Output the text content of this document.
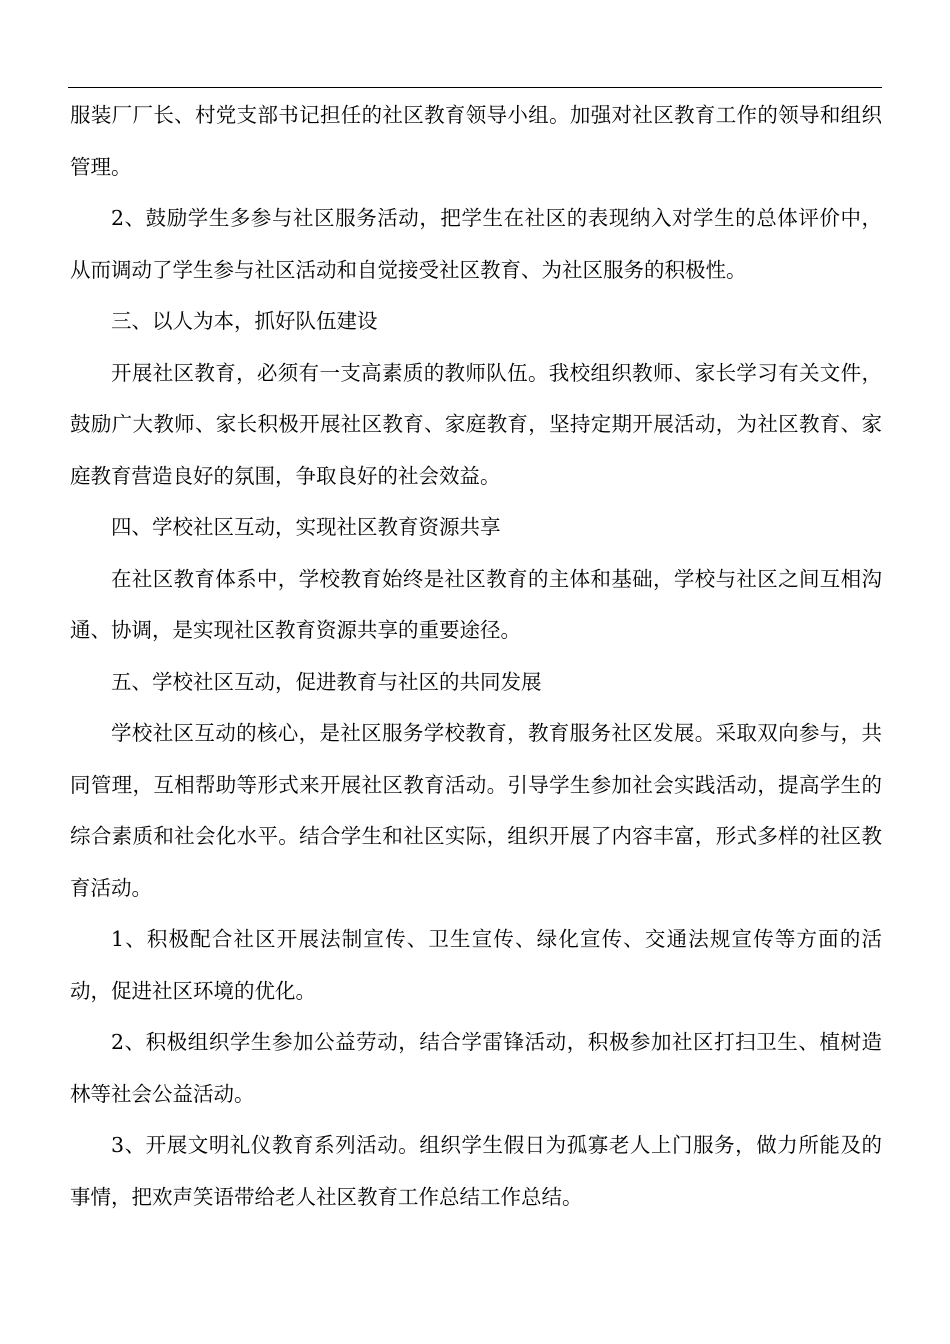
服装厂厂长、村党支部书记担任的社区教育领导小组。加强对社区教育工作的领导和组织管理。

2、鼓励学生多参与社区服务活动，把学生在社区的表现纳入对学生的总体评价中，从而调动了学生参与社区活动和自觉接受社区教育、为社区服务的积极性。

三、以人为本，抓好队伍建设

开展社区教育，必须有一支高素质的教师队伍。我校组织教师、家长学习有关文件，鼓励广大教师、家长积极开展社区教育、家庭教育，坚持定期开展活动，为社区教育、家庭教育营造良好的氛围，争取良好的社会效益。

四、学校社区互动，实现社区教育资源共享

在社区教育体系中，学校教育始终是社区教育的主体和基础，学校与社区之间互相沟通、协调，是实现社区教育资源共享的重要途径。

五、学校社区互动，促进教育与社区的共同发展

学校社区互动的核心，是社区服务学校教育，教育服务社区发展。采取双向参与，共同管理，互相帮助等形式来开展社区教育活动。引导学生参加社会实践活动，提高学生的综合素质和社会化水平。结合学生和社区实际，组织开展了内容丰富，形式多样的社区教育活动。

1、积极配合社区开展法制宣传、卫生宣传、绿化宣传、交通法规宣传等方面的活动，促进社区环境的优化。

2、积极组织学生参加公益劳动，结合学雷锋活动，积极参加社区打扫卫生、植树造林等社会公益活动。

3、开展文明礼仪教育系列活动。组织学生假日为孤寡老人上门服务，做力所能及的事情，把欢声笑语带给老人社区教育工作总结工作总结。
